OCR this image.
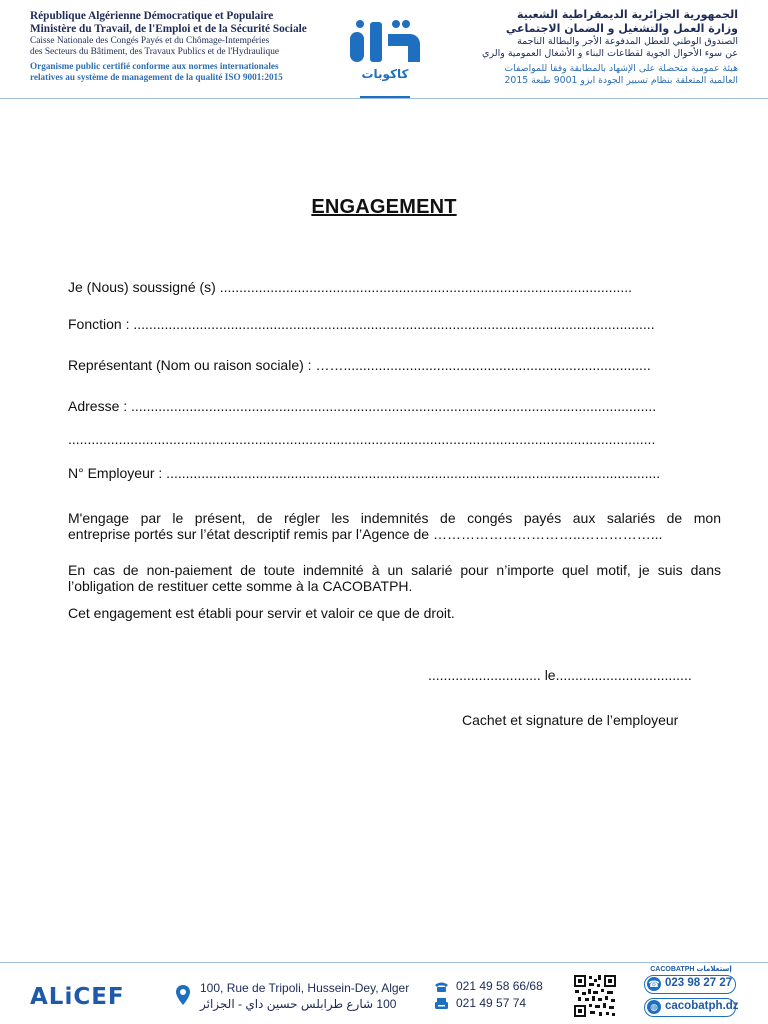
République Algérienne Démocratique et Populaire
Ministère du Travail, de l'Emploi et de la Sécurité Sociale
Caisse Nationale des Congés Payés et du Chômage-Intempéries
des Secteurs du Bâtiment, des Travaux Publics et de l'Hydraulique
Organisme public certifié conforme aux normes internationales
relatives au système de management de la qualité ISO 9001:2015	كاكوبات
الجمهورية الجزائرية الديمقراطية الشعبية
وزارة العمل والتشغيل و الضمان الاجتماعي
الصندوق الوطني للعطل المدفوعة الأجر والبطالة الناجمة
عن سوء الأحوال الجوية لقطاعات البناء و الأشغال العمومية والري
هيئة عمومية متحصلة على الإشهاد بالمطابقة وفقا للمواصفات
العالمية المتعلقة بنظام تسيير الجودة ايزو 9001 طبعة 2015
ENGAGEMENT
Je (Nous) soussigné (s) ..........................................................................................................
Fonction : ......................................................................................................................................
Représentant (Nom ou raison sociale) : ……...............................................................................
Adresse : .......................................................................................................................................
.......................................................................................................................................................
N° Employeur : ...............................................................................................................................
M'engage par le présent, de régler les indemnités de congés payés aux salariés de mon
entreprise portés sur l’état descriptif remis par l’Agence de …………………………..……………...
En cas de non-paiement de toute indemnité à un salarié pour n’importe quel motif, je suis dans
l’obligation de restituer cette somme à la CACOBATPH.
Cet engagement est établi pour servir et valoir ce que de droit.
............................. le...................................
Cachet et signature de l’employeur
ALiCEF	100, Rue de Tripoli, Hussein-Dey, Alger
100 شارع طرابلس حسين داي - الجزائر
021 49 58 66/68
021 49 57 74
CACOBATPH إستعلامات
☎ 023 98 27 27
◍ cacobatph.dz
